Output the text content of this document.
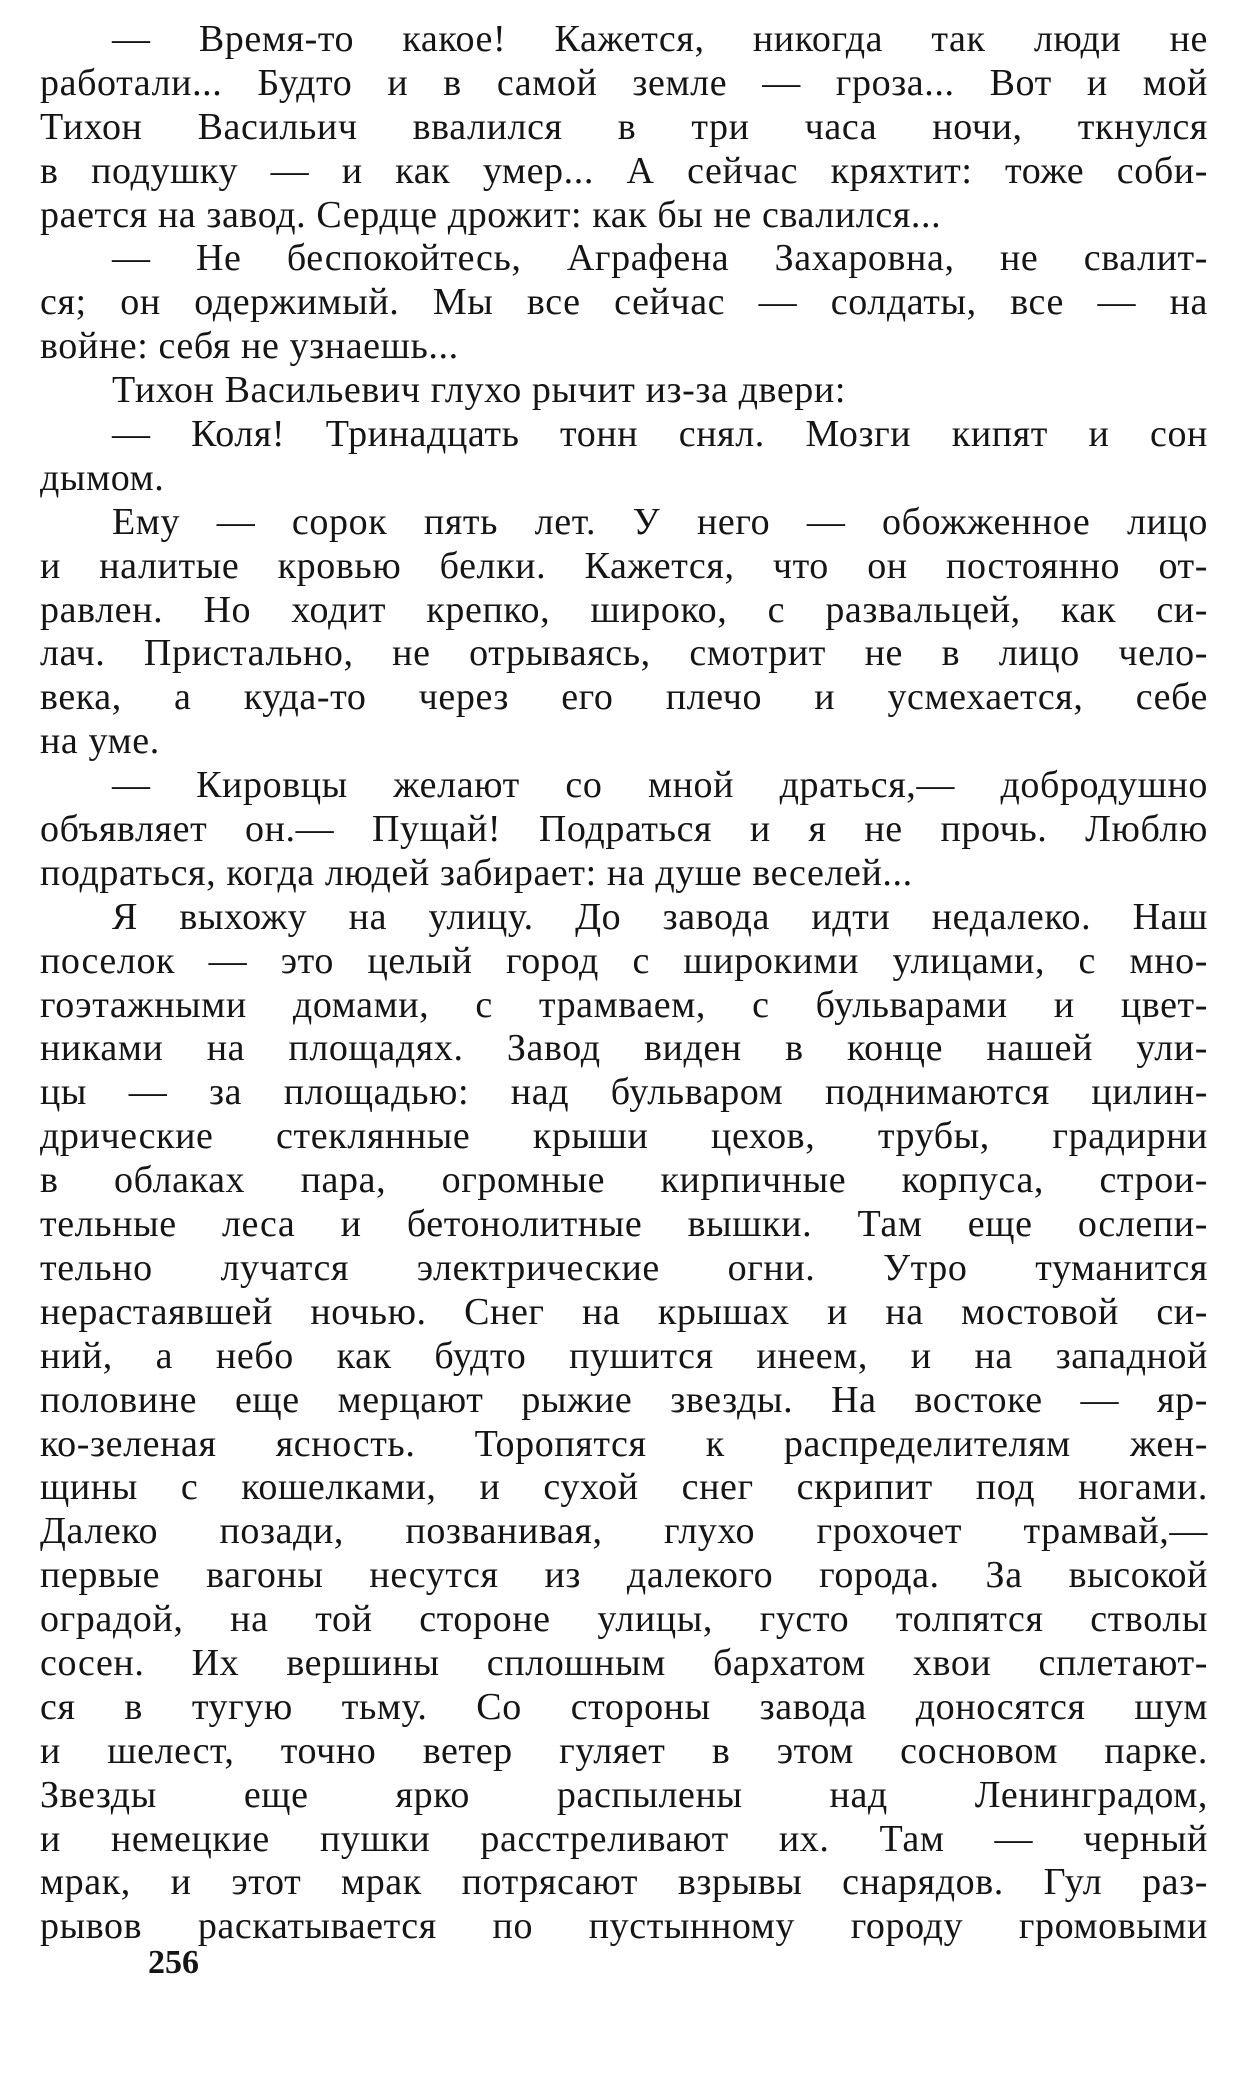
— Время-то какое! Кажется, никогда так люди не
работали... Будто и в самой земле — гроза... Вот и мой
Тихон Васильич ввалился в три часа ночи, ткнулся
в подушку — и как умер... А сейчас кряхтит: тоже соби-
рается на завод. Сердце дрожит: как бы не свалился...
— Не беспокойтесь, Аграфена Захаровна, не свалит-
ся; он одержимый. Мы все сейчас — солдаты, все — на
войне: себя не узнаешь...
Тихон Васильевич глухо рычит из-за двери:
— Коля! Тринадцать тонн снял. Мозги кипят и сон
дымом.
Ему — сорок пять лет. У него — обожженное лицо
и налитые кровью белки. Кажется, что он постоянно от-
равлен. Но ходит крепко, широко, с развальцей, как си-
лач. Пристально, не отрываясь, смотрит не в лицо чело-
века, а куда-то через его плечо и усмехается, себе
на уме.
— Кировцы желают со мной драться,— добродушно
объявляет он.— Пущай! Подраться и я не прочь. Люблю
подраться, когда людей забирает: на душе веселей...
Я выхожу на улицу. До завода идти недалеко. Наш
поселок — это целый город с широкими улицами, с мно-
гоэтажными домами, с трамваем, с бульварами и цвет-
никами на площадях. Завод виден в конце нашей ули-
цы — за площадью: над бульваром поднимаются цилин-
дрические стеклянные крыши цехов, трубы, градирни
в облаках пара, огромные кирпичные корпуса, строи-
тельные леса и бетонолитные вышки. Там еще ослепи-
тельно лучатся электрические огни. Утро туманится
нерастаявшей ночью. Снег на крышах и на мостовой си-
ний, а небо как будто пушится инеем, и на западной
половине еще мерцают рыжие звезды. На востоке — яр-
ко-зеленая ясность. Торопятся к распределителям жен-
щины с кошелками, и сухой снег скрипит под ногами.
Далеко позади, позванивая, глухо грохочет трамвай,—
первые вагоны несутся из далекого города. За высокой
оградой, на той стороне улицы, густо толпятся стволы
сосен. Их вершины сплошным бархатом хвои сплетают-
ся в тугую тьму. Со стороны завода доносятся шум
и шелест, точно ветер гуляет в этом сосновом парке.
Звезды еще ярко распылены над Ленинградом,
и немецкие пушки расстреливают их. Там — черный
мрак, и этот мрак потрясают взрывы снарядов. Гул раз-
рывов раскатывается по пустынному городу громовыми
256
